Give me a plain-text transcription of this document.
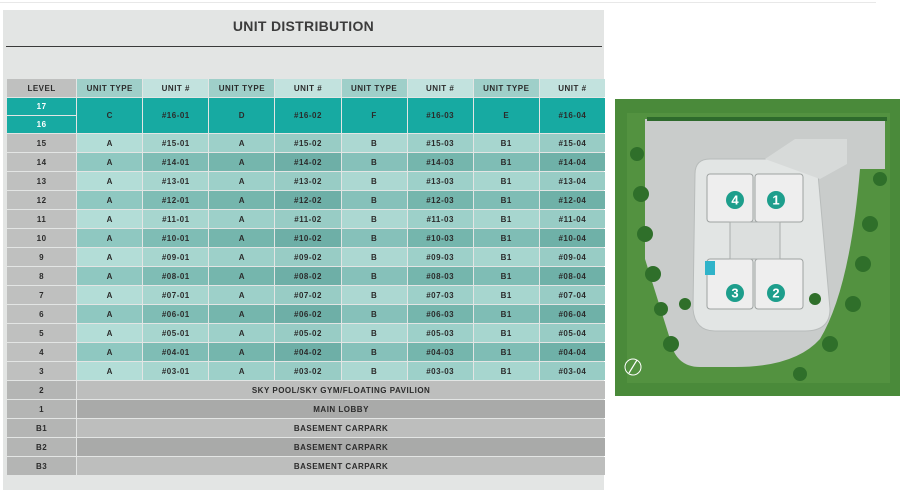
UNIT DISTRIBUTION
LEVEL	UNIT TYPE	UNIT #	UNIT TYPE	UNIT #	UNIT TYPE	UNIT #	UNIT TYPE	UNIT #
17	C	#16-01	D	#16-02	F	#16-03	E	#16-04
16								
15	A	#15-01	A	#15-02	B	#15-03	B1	#15-04
14	A	#14-01	A	#14-02	B	#14-03	B1	#14-04
13	A	#13-01	A	#13-02	B	#13-03	B1	#13-04
12	A	#12-01	A	#12-02	B	#12-03	B1	#12-04
11	A	#11-01	A	#11-02	B	#11-03	B1	#11-04
10	A	#10-01	A	#10-02	B	#10-03	B1	#10-04
9	A	#09-01	A	#09-02	B	#09-03	B1	#09-04
8	A	#08-01	A	#08-02	B	#08-03	B1	#08-04
7	A	#07-01	A	#07-02	B	#07-03	B1	#07-04
6	A	#06-01	A	#06-02	B	#06-03	B1	#06-04
5	A	#05-01	A	#05-02	B	#05-03	B1	#05-04
4	A	#04-01	A	#04-02	B	#04-03	B1	#04-04
3	A	#03-01	A	#03-02	B	#03-03	B1	#03-04
2	SKY POOL/SKY GYM/FLOATING PAVILION							
1	MAIN LOBBY							
B1	BASEMENT CARPARK							
B2	BASEMENT CARPARK							
B3	BASEMENT CARPARK							
4	1
3	2
